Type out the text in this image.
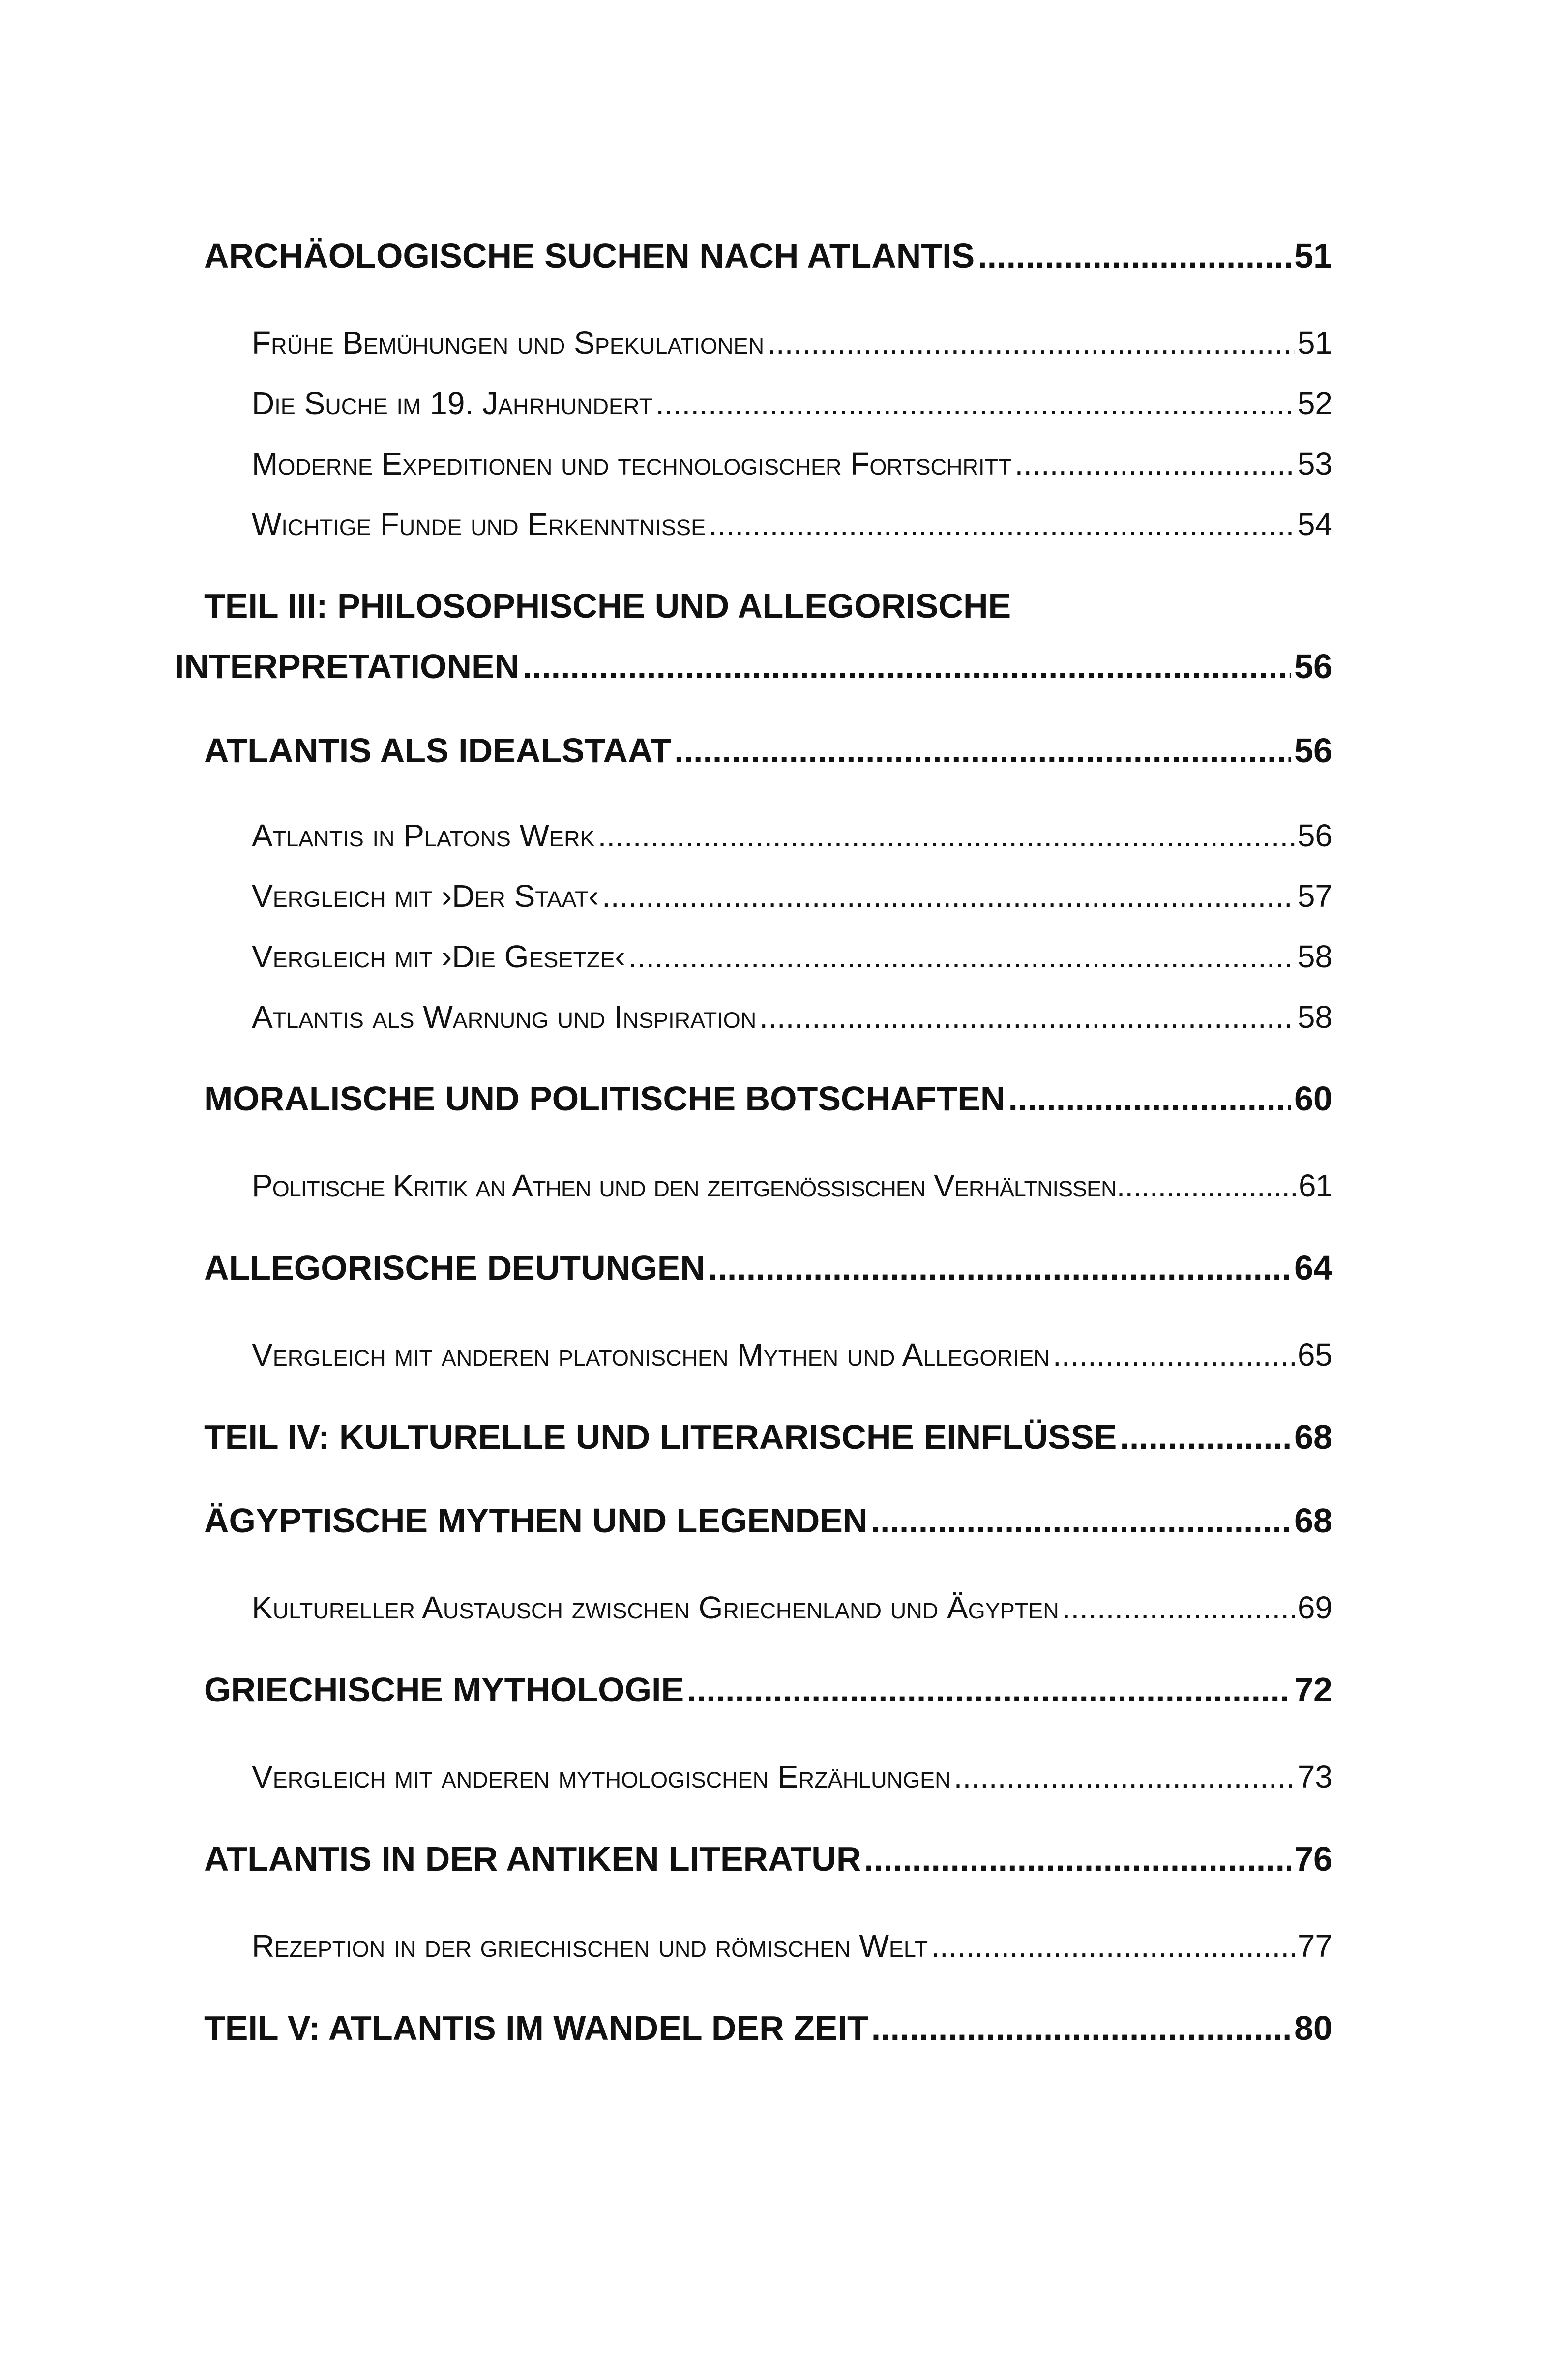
ARCHÄOLOGISCHE SUCHEN NACH ATLANTIS .....	51
Frühe Bemühungen und Spekulationen .....	51
Die Suche im 19. Jahrhundert .....	52
Moderne Expeditionen und technologischer Fortschritt .....	53
Wichtige Funde und Erkenntnisse .....	54
TEIL III: PHILOSOPHISCHE UND ALLEGORISCHE
INTERPRETATIONEN .....	56
ATLANTIS ALS IDEALSTAAT .....	56
Atlantis in Platons Werk .....	56
Vergleich mit ›Der Staat‹ .....	57
Vergleich mit ›Die Gesetze‹ .....	58
Atlantis als Warnung und Inspiration .....	58
MORALISCHE UND POLITISCHE BOTSCHAFTEN .....	60
Politische Kritik an Athen und den zeitgenössischen Verhältnissen .....	61
ALLEGORISCHE DEUTUNGEN .....	64
Vergleich mit anderen platonischen Mythen und Allegorien .....	65
TEIL IV: KULTURELLE UND LITERARISCHE EINFLÜSSE .....	68
ÄGYPTISCHE MYTHEN UND LEGENDEN .....	68
Kultureller Austausch zwischen Griechenland und Ägypten .....	69
GRIECHISCHE MYTHOLOGIE .....	72
Vergleich mit anderen mythologischen Erzählungen .....	73
ATLANTIS IN DER ANTIKEN LITERATUR .....	76
Rezeption in der griechischen und römischen Welt .....	77
TEIL V: ATLANTIS IM WANDEL DER ZEIT .....	80
